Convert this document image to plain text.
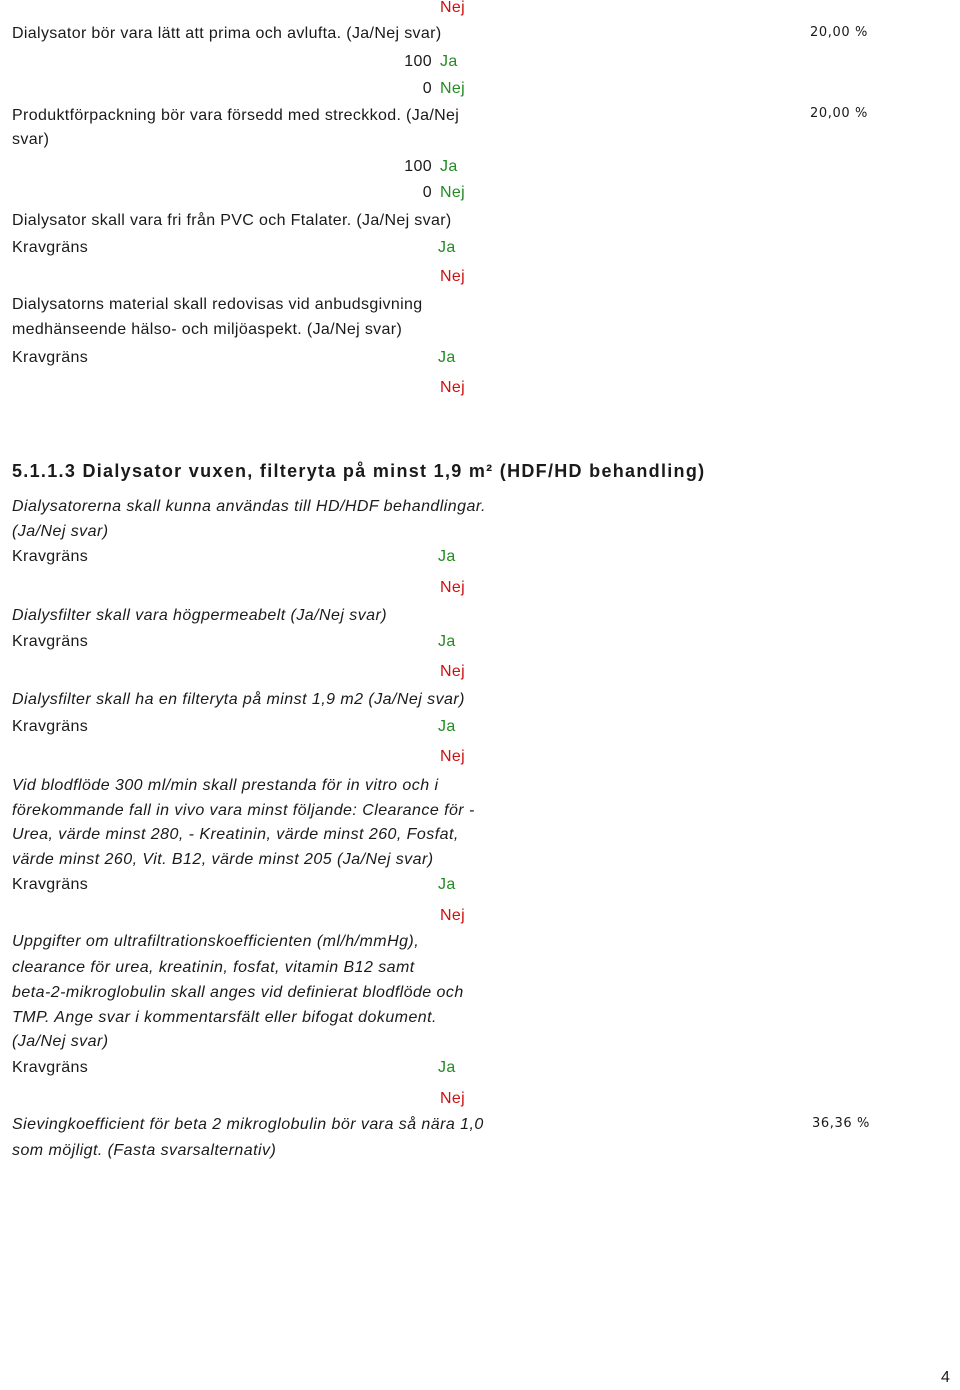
Nej
Dialysator bör vara lätt att prima och avlufta. (Ja/Nej svar)	20,00 %
100 Ja
0 Nej
Produktförpackning bör vara försedd med streckkod. (Ja/Nej	20,00 %
svar)
100 Ja
0 Nej
Dialysator skall vara fri från PVC och Ftalater. (Ja/Nej svar)
Kravgräns	Ja
Nej
Dialysatorns material skall redovisas vid anbudsgivning
medhänseende hälso- och miljöaspekt. (Ja/Nej svar)
Kravgräns	Ja
Nej
5.1.1.3 Dialysator vuxen, filteryta på minst 1,9 m² (HDF/HD behandling)
Dialysatorerna skall kunna användas till HD/HDF behandlingar.
(Ja/Nej svar)
Kravgräns	Ja
Nej
Dialysfilter skall vara högpermeabelt (Ja/Nej svar)
Kravgräns	Ja
Nej
Dialysfilter skall ha en filteryta på minst 1,9 m2 (Ja/Nej svar)
Kravgräns	Ja
Nej
Vid blodflöde 300 ml/min skall prestanda för in vitro och i
förekommande fall in vivo vara minst följande: Clearance för -
Urea, värde minst 280, - Kreatinin, värde minst 260, Fosfat,
värde minst 260, Vit. B12, värde minst 205 (Ja/Nej svar)
Kravgräns	Ja
Nej
Uppgifter om ultrafiltrationskoefficienten (ml/h/mmHg),
clearance för urea, kreatinin, fosfat, vitamin B12 samt
beta-2-mikroglobulin skall anges vid definierat blodflöde och
TMP. Ange svar i kommentarsfält eller bifogat dokument.
(Ja/Nej svar)
Kravgräns	Ja
Nej
Sievingkoefficient för beta 2 mikroglobulin bör vara så nära 1,0	36,36 %
som möjligt. (Fasta svarsalternativ)
4
